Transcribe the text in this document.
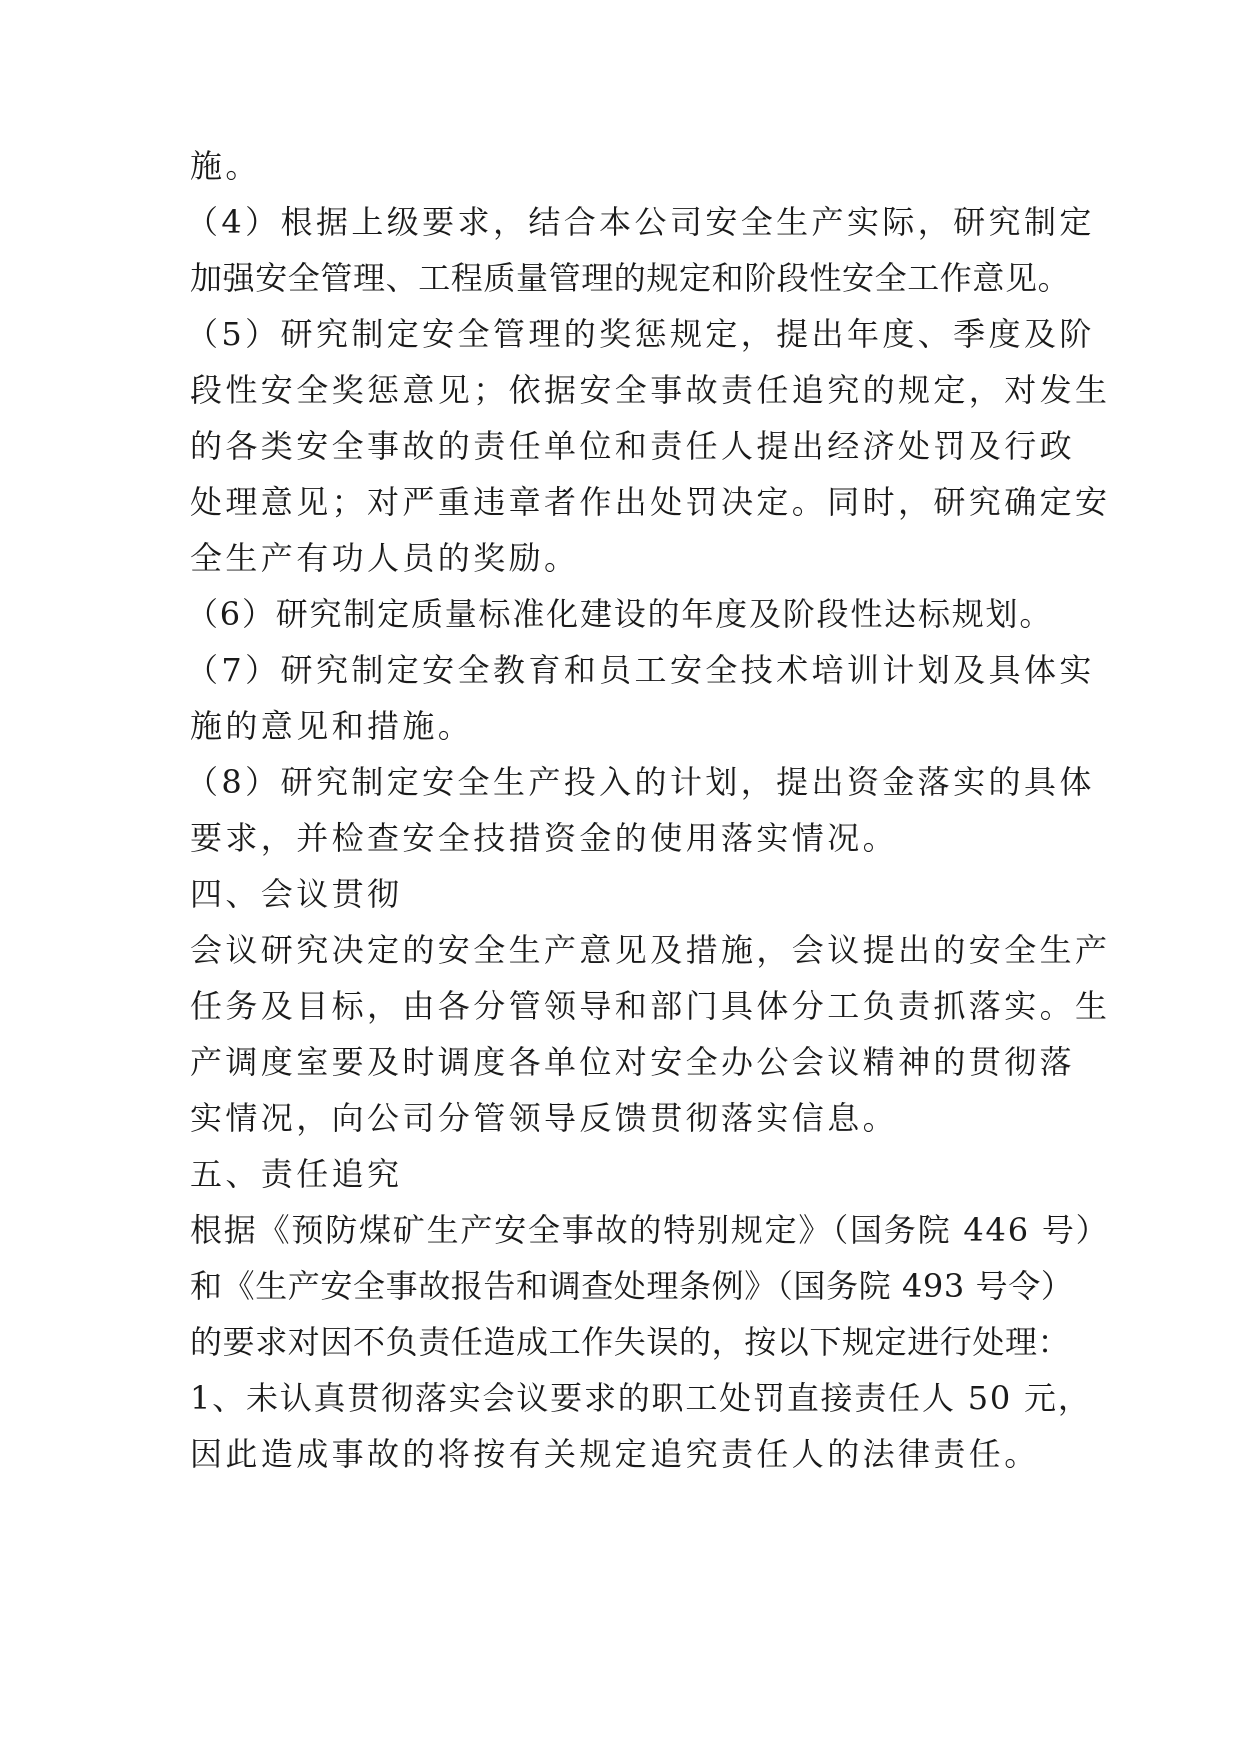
施。
（4）根据上级要求，结合本公司安全生产实际，研究制定
加强安全管理、工程质量管理的规定和阶段性安全工作意见。
（5）研究制定安全管理的奖惩规定，提出年度、季度及阶
段性安全奖惩意见；依据安全事故责任追究的规定，对发生
的各类安全事故的责任单位和责任人提出经济处罚及行政
处理意见；对严重违章者作出处罚决定。同时，研究确定安
全生产有功人员的奖励。
（6）研究制定质量标准化建设的年度及阶段性达标规划。
（7）研究制定安全教育和员工安全技术培训计划及具体实
施的意见和措施。
（8）研究制定安全生产投入的计划，提出资金落实的具体
要求，并检查安全技措资金的使用落实情况。
四、会议贯彻
会议研究决定的安全生产意见及措施，会议提出的安全生产
任务及目标，由各分管领导和部门具体分工负责抓落实。生
产调度室要及时调度各单位对安全办公会议精神的贯彻落
实情况，向公司分管领导反馈贯彻落实信息。
五、责任追究
根据《预防煤矿生产安全事故的特别规定》（国务院 446 号）
和《生产安全事故报告和调查处理条例》（国务院 493 号令）
的要求对因不负责任造成工作失误的，按以下规定进行处理：
1、未认真贯彻落实会议要求的职工处罚直接责任人 50 元，
因此造成事故的将按有关规定追究责任人的法律责任。
